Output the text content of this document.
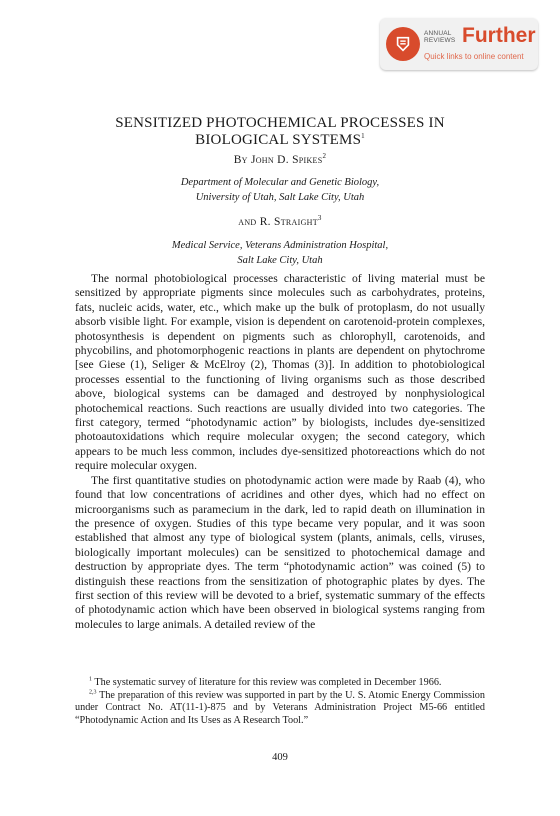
ANNUAL
REVIEWS Further
Quick links to online content
SENSITIZED PHOTOCHEMICAL PROCESSES IN
BIOLOGICAL SYSTEMS$^1$
By John D. Spikes$^2$
Department of Molecular and Genetic Biology,
University of Utah, Salt Lake City, Utah
and R. Straight$^3$
Medical Service, Veterans Administration Hospital,
Salt Lake City, Utah

The normal photobiological processes characteristic of living material must be sensitized by appropriate pigments since molecules such as carbohydrates, proteins, fats, nucleic acids, water, etc., which make up the bulk of protoplasm, do not usually absorb visible light. For example, vision is dependent on carotenoid-protein complexes, photosynthesis is dependent on pigments such as chlorophyll, carotenoids, and phycobilins, and photomorphogenic reactions in plants are dependent on phytochrome [see Giese (1), Seliger & McElroy (2), Thomas (3)]. In addition to photobiological processes essential to the functioning of living organisms such as those described above, biological systems can be damaged and destroyed by nonphysiological photochemical reactions. Such reactions are usually divided into two categories. The first category, termed “photodynamic action” by biologists, includes dye-sensitized photoautoxidations which require molecular oxygen; the second category, which appears to be much less common, includes dye-sensitized photoreactions which do not require molecular oxygen.

The first quantitative studies on photodynamic action were made by Raab (4), who found that low concentrations of acridines and other dyes, which had no effect on microorganisms such as paramecium in the dark, led to rapid death on illumination in the presence of oxygen. Studies of this type became very popular, and it was soon established that almost any type of biological system (plants, animals, cells, viruses, biologically important molecules) can be sensitized to photochemical damage and destruction by appropriate dyes. The term “photodynamic action” was coined (5) to distinguish these reactions from the sensitization of photographic plates by dyes. The first section of this review will be devoted to a brief, systematic summary of the effects of photodynamic action which have been observed in biological systems ranging from molecules to large animals. A detailed review of the

$^1$ The systematic survey of literature for this review was completed in December 1966.

$^{2,3}$ The preparation of this review was supported in part by the U. S. Atomic Energy Commission under Contract No. AT(11-1)-875 and by Veterans Administration Project M5-66 entitled “Photodynamic Action and Its Uses as A Research Tool.”

409
